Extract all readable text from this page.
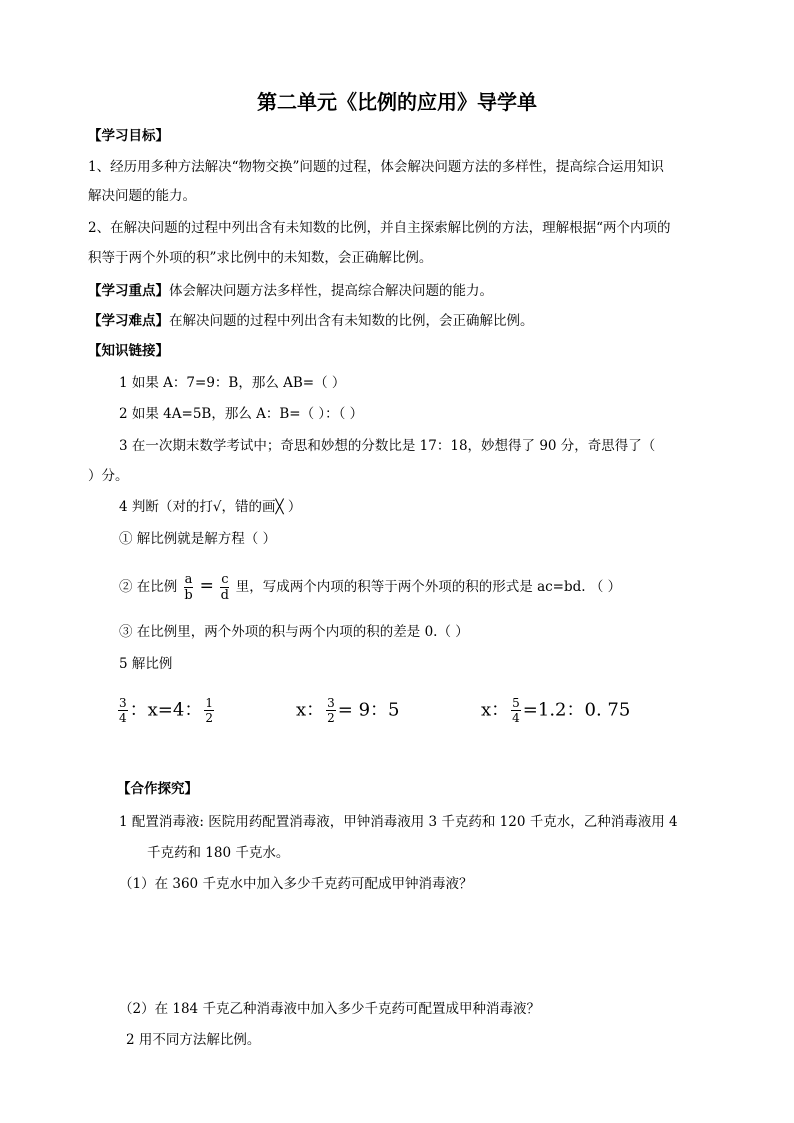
第二单元《比例的应用》导学单
【学习目标】
1、经历用多种方法解决“物物交换”问题的过程，体会解决问题方法的多样性，提高综合运用知识
解决问题的能力。
2、在解决问题的过程中列出含有未知数的比例，并自主探索解比例的方法，理解根据“两个内项的
积等于两个外项的积”求比例中的未知数，会正确解比例。
【学习重点】体会解决问题方法多样性，提高综合解决问题的能力。
【学习难点】在解决问题的过程中列出含有未知数的比例，会正确解比例。
【知识链接】
1 如果 A：7=9：B，那么 AB=（ ）
2 如果 4A=5B，那么 A：B=（ ）：（ ）
3 在一次期末数学考试中；奇思和妙想的分数比是 17：18，妙想得了 90 分，奇思得了（
）分。
4 判断（对的打√，错的画╳ ）
① 解比例就是解方程（ ）
② 在比例 $\frac{a}{b} = \frac{c}{d}$ 里，写成两个内项的积等于两个外项的积的形式是 ac=bd. （ ）
③ 在比例里，两个外项的积与两个内项的积的差是 0.（ ）
5 解比例
$\frac{3}{4}$ ：x=4： $\frac{1}{2}$	x： $\frac{3}{2} = 9$：5	x： $\frac{5}{4} =1.2$：0. 75
【合作探究】
1 配置消毒液: 医院用药配置消毒液，甲钟消毒液用 3 千克药和 120 千克水，乙种消毒液用 4
千克药和 180 千克水。
（1）在 360 千克水中加入多少千克药可配成甲钟消毒液？
（2）在 184 千克乙种消毒液中加入多少千克药可配置成甲种消毒液？
2 用不同方法解比例。
